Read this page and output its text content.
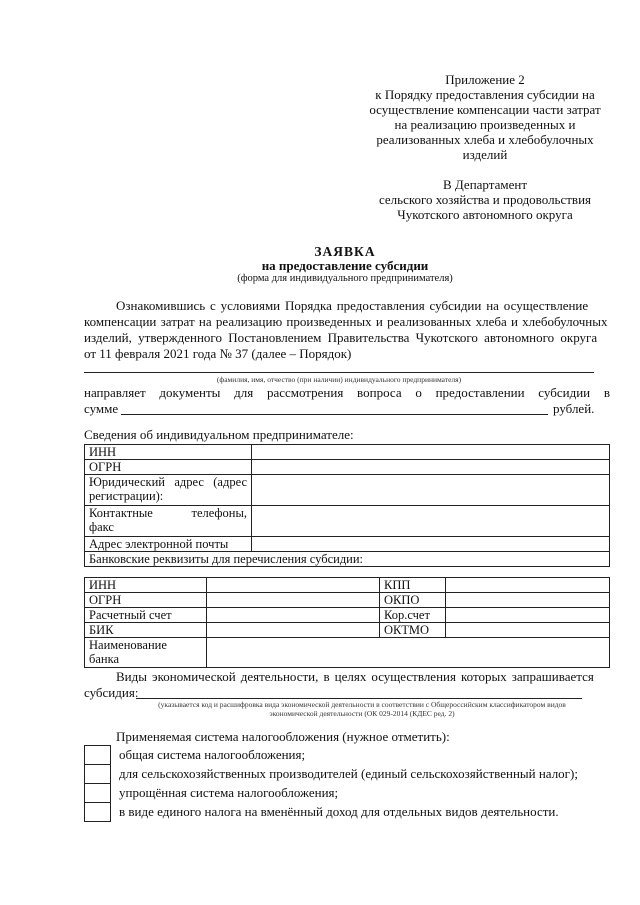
Приложение 2
к Порядку предоставления субсидии на
осуществление компенсации части затрат
на реализацию произведенных и
реализованных хлеба и хлебобулочных
изделий
В Департамент
сельского хозяйства и продовольствия
Чукотского автономного округа
ЗАЯВКА
на предоставление субсидии
(форма для индивидуального предпринимателя)
Ознакомившись с условиями Порядка предоставления субсидии на осуществление
компенсации затрат на реализацию произведенных и реализованных хлеба и хлебобулочных
изделий, утвержденного Постановлением Правительства Чукотского автономного округа
от 11 февраля 2021 года № 37 (далее – Порядок)
(фамилия, имя, отчество (при наличии) индивидуального предпринимателя)
направляет документы для рассмотрения вопроса о предоставлении субсидии в
сумме	рублей.
Сведения об индивидуальном предпринимателе:
ИНН	
ОГРН	

Юридический адрес (адрес
регистрации):	

Контактные телефоны,
факс	

Адрес электронной почты	
Банковские реквизиты для перечисления субсидии:	
ИНН		КПП	
ОГРН		ОКПО	
Расчетный счет		Кор.счет	
БИК		ОКТМО	

Наименование
банка			

Виды экономической деятельности, в целях осуществления которых запрашивается
субсидия:
(указывается код и расшифровка вида экономической деятельности в соответствии с Общероссийским классификатором видов
экономической деятельности (ОК 029-2014 (КДЕС ред. 2)
Применяемая система налогообложения (нужное отметить):
общая система налогообложения;
для сельскохозяйственных производителей (единый сельскохозяйственный налог);
упрощённая система налогообложения;
в виде единого налога на вменённый доход для отдельных видов деятельности.
